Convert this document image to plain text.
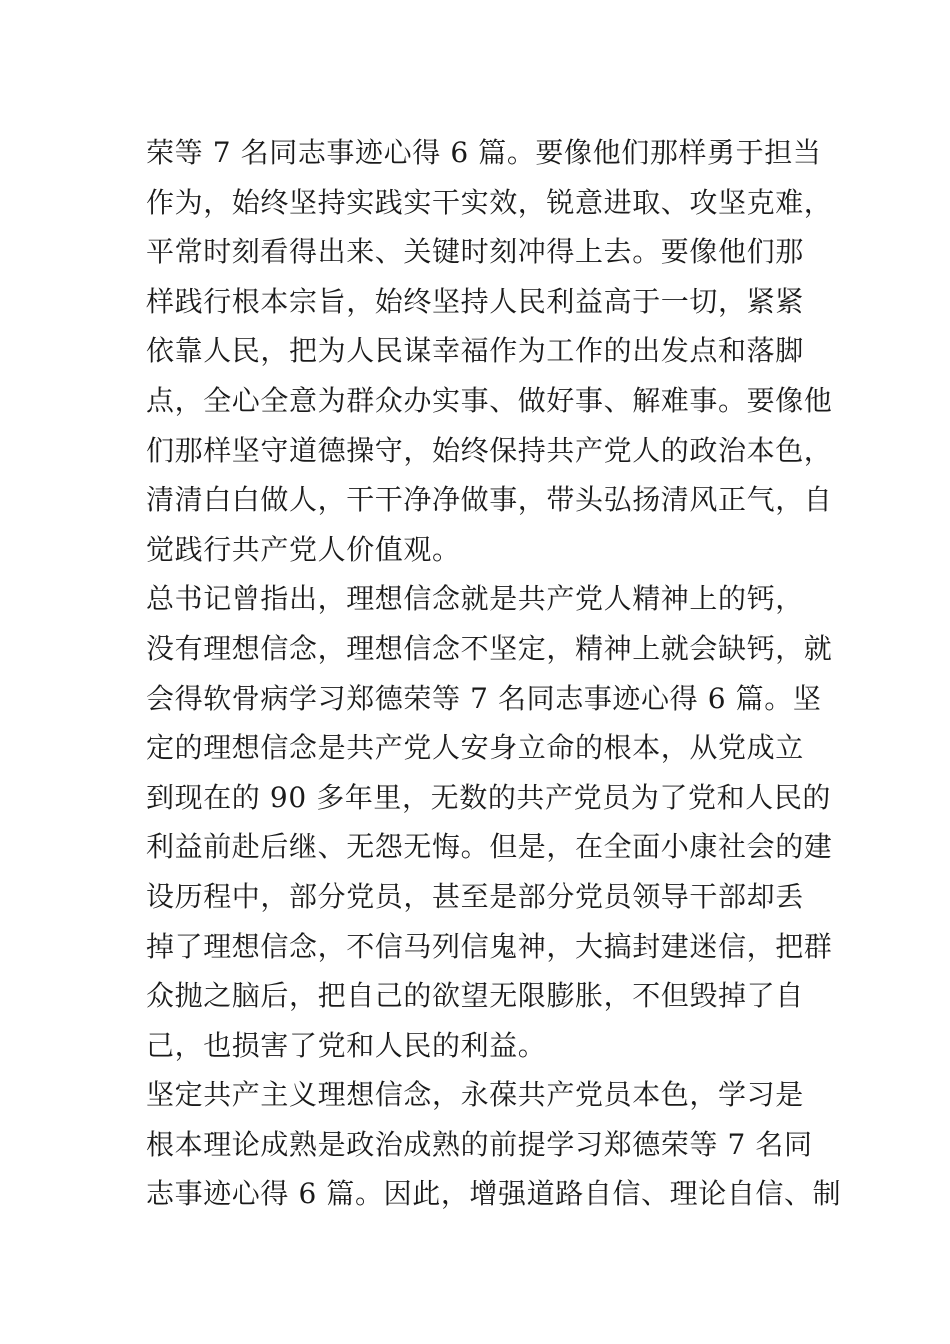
荣等 7 名同志事迹心得 6 篇。要像他们那样勇于担当
作为，始终坚持实践实干实效，锐意进取、攻坚克难，
平常时刻看得出来、关键时刻冲得上去。要像他们那
样践行根本宗旨，始终坚持人民利益高于一切，紧紧
依靠人民，把为人民谋幸福作为工作的出发点和落脚
点，全心全意为群众办实事、做好事、解难事。要像他
们那样坚守道德操守，始终保持共产党人的政治本色，
清清白白做人，干干净净做事，带头弘扬清风正气，自
觉践行共产党人价值观。
总书记曾指出，理想信念就是共产党人精神上的钙，
没有理想信念，理想信念不坚定，精神上就会缺钙，就
会得软骨病学习郑德荣等 7 名同志事迹心得 6 篇。坚
定的理想信念是共产党人安身立命的根本，从党成立
到现在的 90 多年里，无数的共产党员为了党和人民的
利益前赴后继、无怨无悔。但是，在全面小康社会的建
设历程中，部分党员，甚至是部分党员领导干部却丢
掉了理想信念，不信马列信鬼神，大搞封建迷信，把群
众抛之脑后，把自己的欲望无限膨胀，不但毁掉了自
己，也损害了党和人民的利益。
坚定共产主义理想信念，永葆共产党员本色，学习是
根本理论成熟是政治成熟的前提学习郑德荣等 7 名同
志事迹心得 6 篇。因此，增强道路自信、理论自信、制
